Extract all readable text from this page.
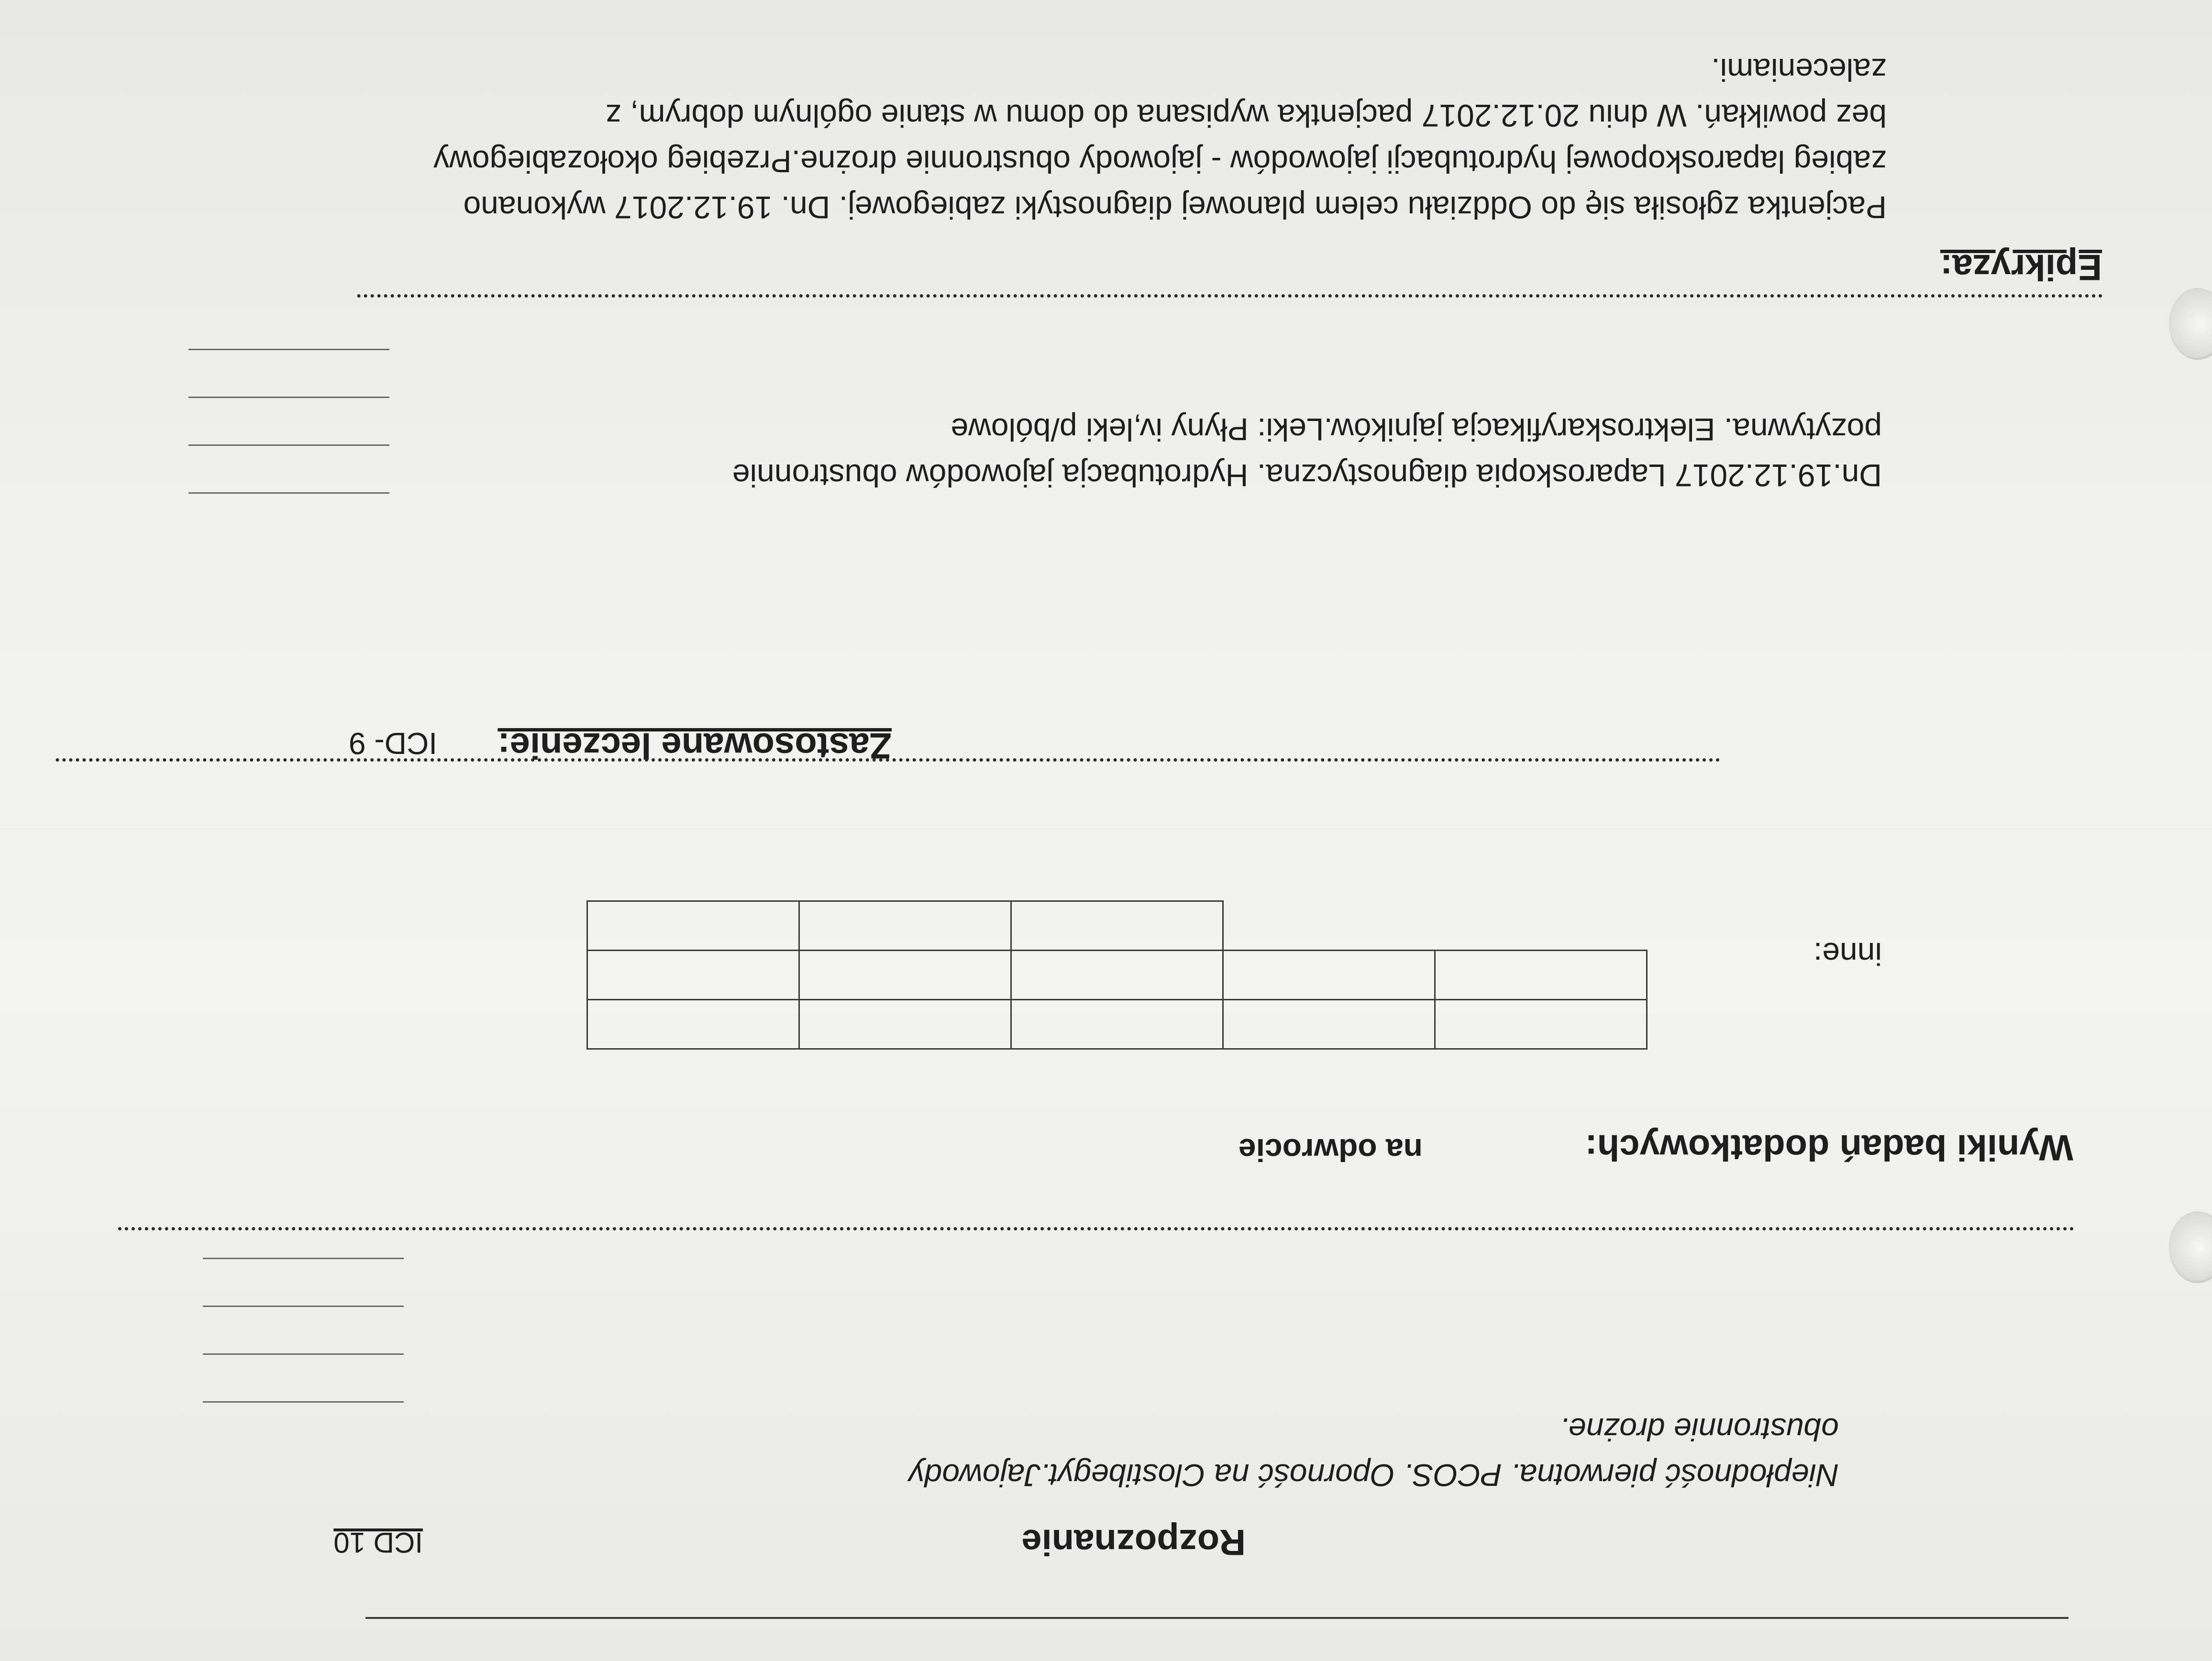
Rozpoznanie
ICD 10
Niepłodność pierwotna. PCOS. Oporność na Clostibegyt.Jajowody
obustronnie drożne.
Wyniki badań dodatkowych:
na odwrocie
inne:

Zastosowane leczenie:
ICD- 9
Dn.19.12.2017 Laparoskopia diagnostyczna. Hydrotubacja jajowodów obustronnie
pozytywna. Elektroskaryfikacja jajników.Leki: Płyny iv,leki p/bólowe
Epikryza:
Pacjentka zgłosiła się do Oddziału celem planowej diagnostyki zabiegowej. Dn. 19.12.2017 wykonano
zabieg laparoskopowej hydrotubacji jajowodów - jajowody obustronnie drożne.Przebieg okołozabiegowy
bez powikłań. W dniu 20.12.2017 pacjentka wypisana do domu w stanie ogólnym dobrym, z
zaleceniami.
